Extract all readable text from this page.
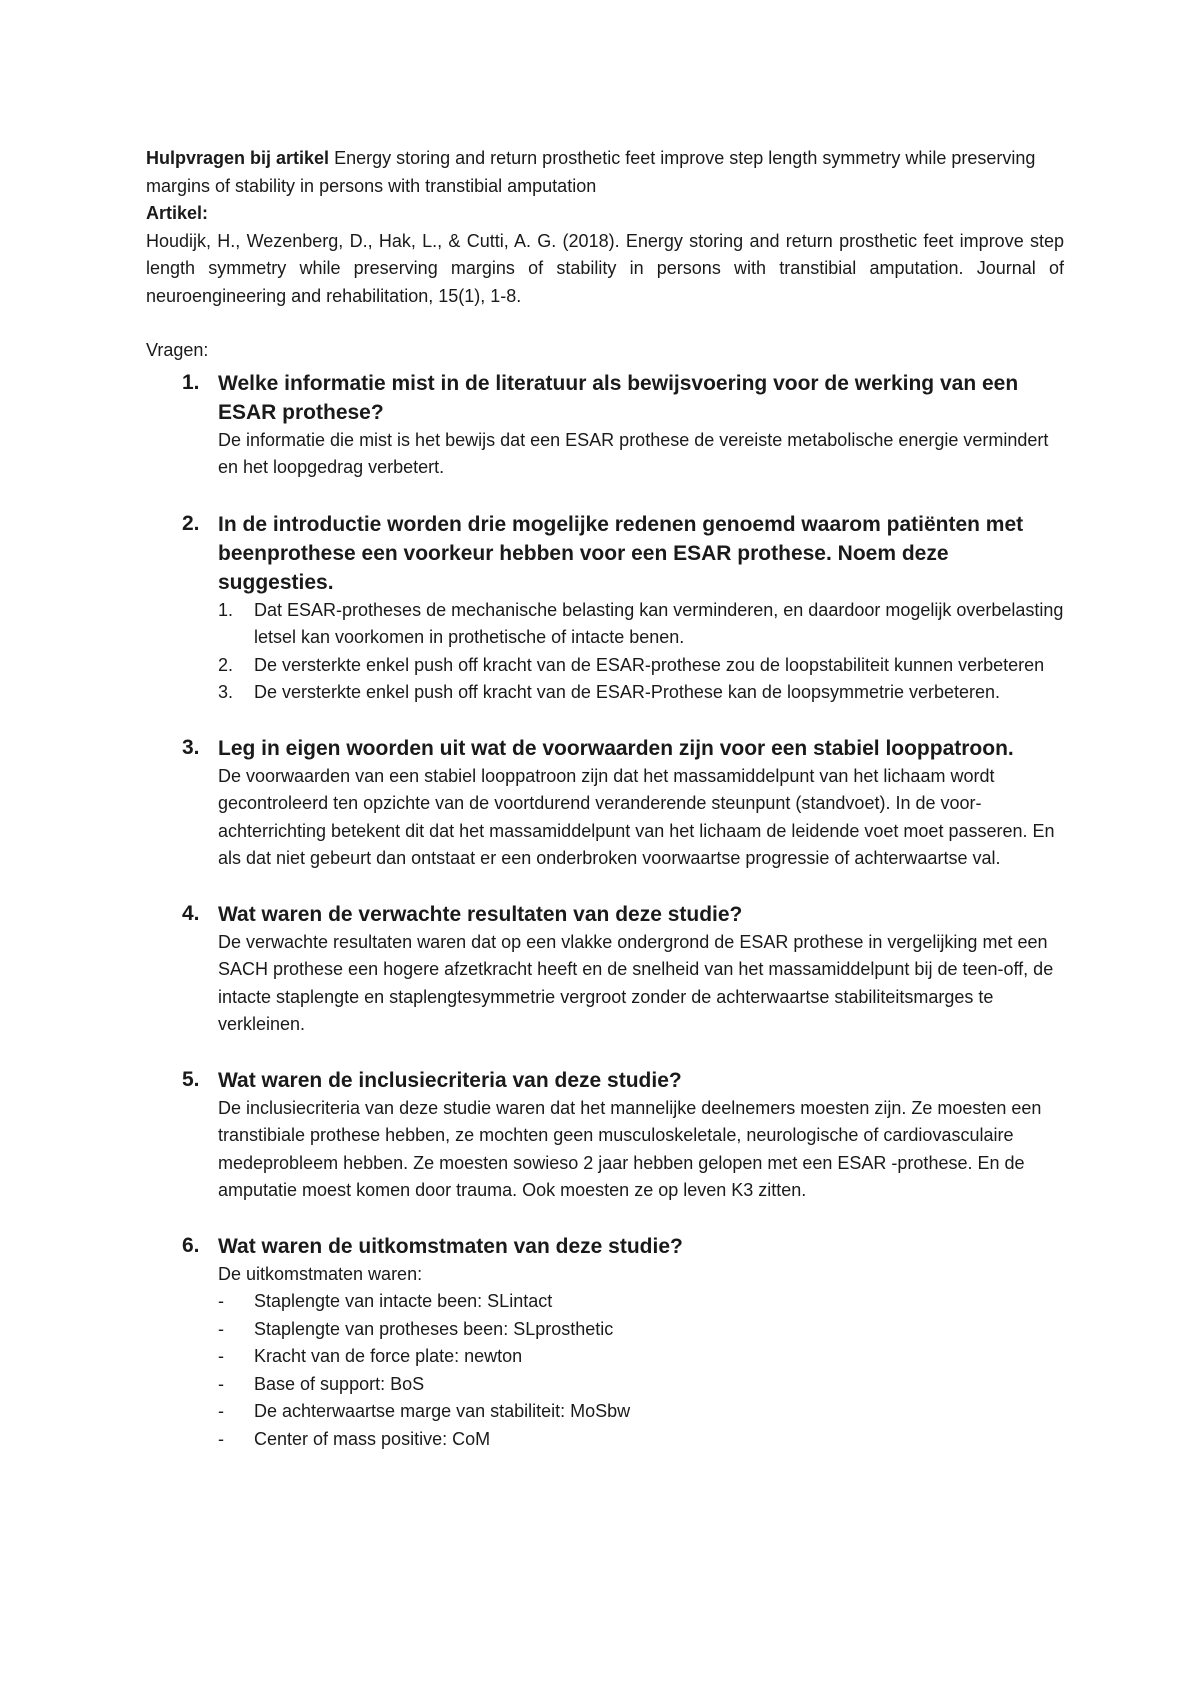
Hulpvragen bij artikel Energy storing and return prosthetic feet improve step length symmetry while preserving margins of stability in persons with transtibial amputation

Artikel:

Houdijk, H., Wezenberg, D., Hak, L., & Cutti, A. G. (2018). Energy storing and return prosthetic feet improve step length symmetry while preserving margins of stability in persons with transtibial amputation. Journal of neuroengineering and rehabilitation, 15(1), 1-8.

Vragen:

1. Welke informatie mist in de literatuur als bewijsvoering voor de werking van een ESAR prothese?
De informatie die mist is het bewijs dat een ESAR prothese de vereiste metabolische energie vermindert en het loopgedrag verbetert.
2. In de introductie worden drie mogelijke redenen genoemd waarom patiënten met beenprothese een voorkeur hebben voor een ESAR prothese. Noem deze suggesties.
1.	Dat ESAR-protheses de mechanische belasting kan verminderen, en daardoor mogelijk overbelasting letsel kan voorkomen in prothetische of intacte benen.
2.	De versterkte enkel push off kracht van de ESAR-prothese zou de loopstabiliteit kunnen verbeteren
3.	De versterkte enkel push off kracht van de ESAR-Prothese kan de loopsymmetrie verbeteren.
3. Leg in eigen woorden uit wat de voorwaarden zijn voor een stabiel looppatroon.
De voorwaarden van een stabiel looppatroon zijn dat het massamiddelpunt van het lichaam wordt gecontroleerd ten opzichte van de voortdurend veranderende steunpunt (standvoet). In de voor-achterrichting betekent dit dat het massamiddelpunt van het lichaam de leidende voet moet passeren. En als dat niet gebeurt dan ontstaat er een onderbroken voorwaartse progressie of achterwaartse val.
4. Wat waren de verwachte resultaten van deze studie?
De verwachte resultaten waren dat op een vlakke ondergrond de ESAR prothese in vergelijking met een SACH prothese een hogere afzetkracht heeft en de snelheid van het massamiddelpunt bij de teen-off, de intacte staplengte en staplengtesymmetrie vergroot zonder de achterwaartse stabiliteitsmarges te verkleinen.
5. Wat waren de inclusiecriteria van deze studie?
De inclusiecriteria van deze studie waren dat het mannelijke deelnemers moesten zijn. Ze moesten een transtibiale prothese hebben, ze mochten geen musculoskeletale, neurologische of cardiovasculaire medeprobleem hebben. Ze moesten sowieso 2 jaar hebben gelopen met een ESAR -prothese. En de amputatie moest komen door trauma. Ook moesten ze op leven K3 zitten.
6. Wat waren de uitkomstmaten van deze studie?
De uitkomstmaten waren:
-	Staplengte van intacte been: SLintact
-	Staplengte van protheses been: SLprosthetic
-	Kracht van de force plate: newton
-	Base of support: BoS
-	De achterwaartse marge van stabiliteit: MoSbw
-	Center of mass positive: CoM
